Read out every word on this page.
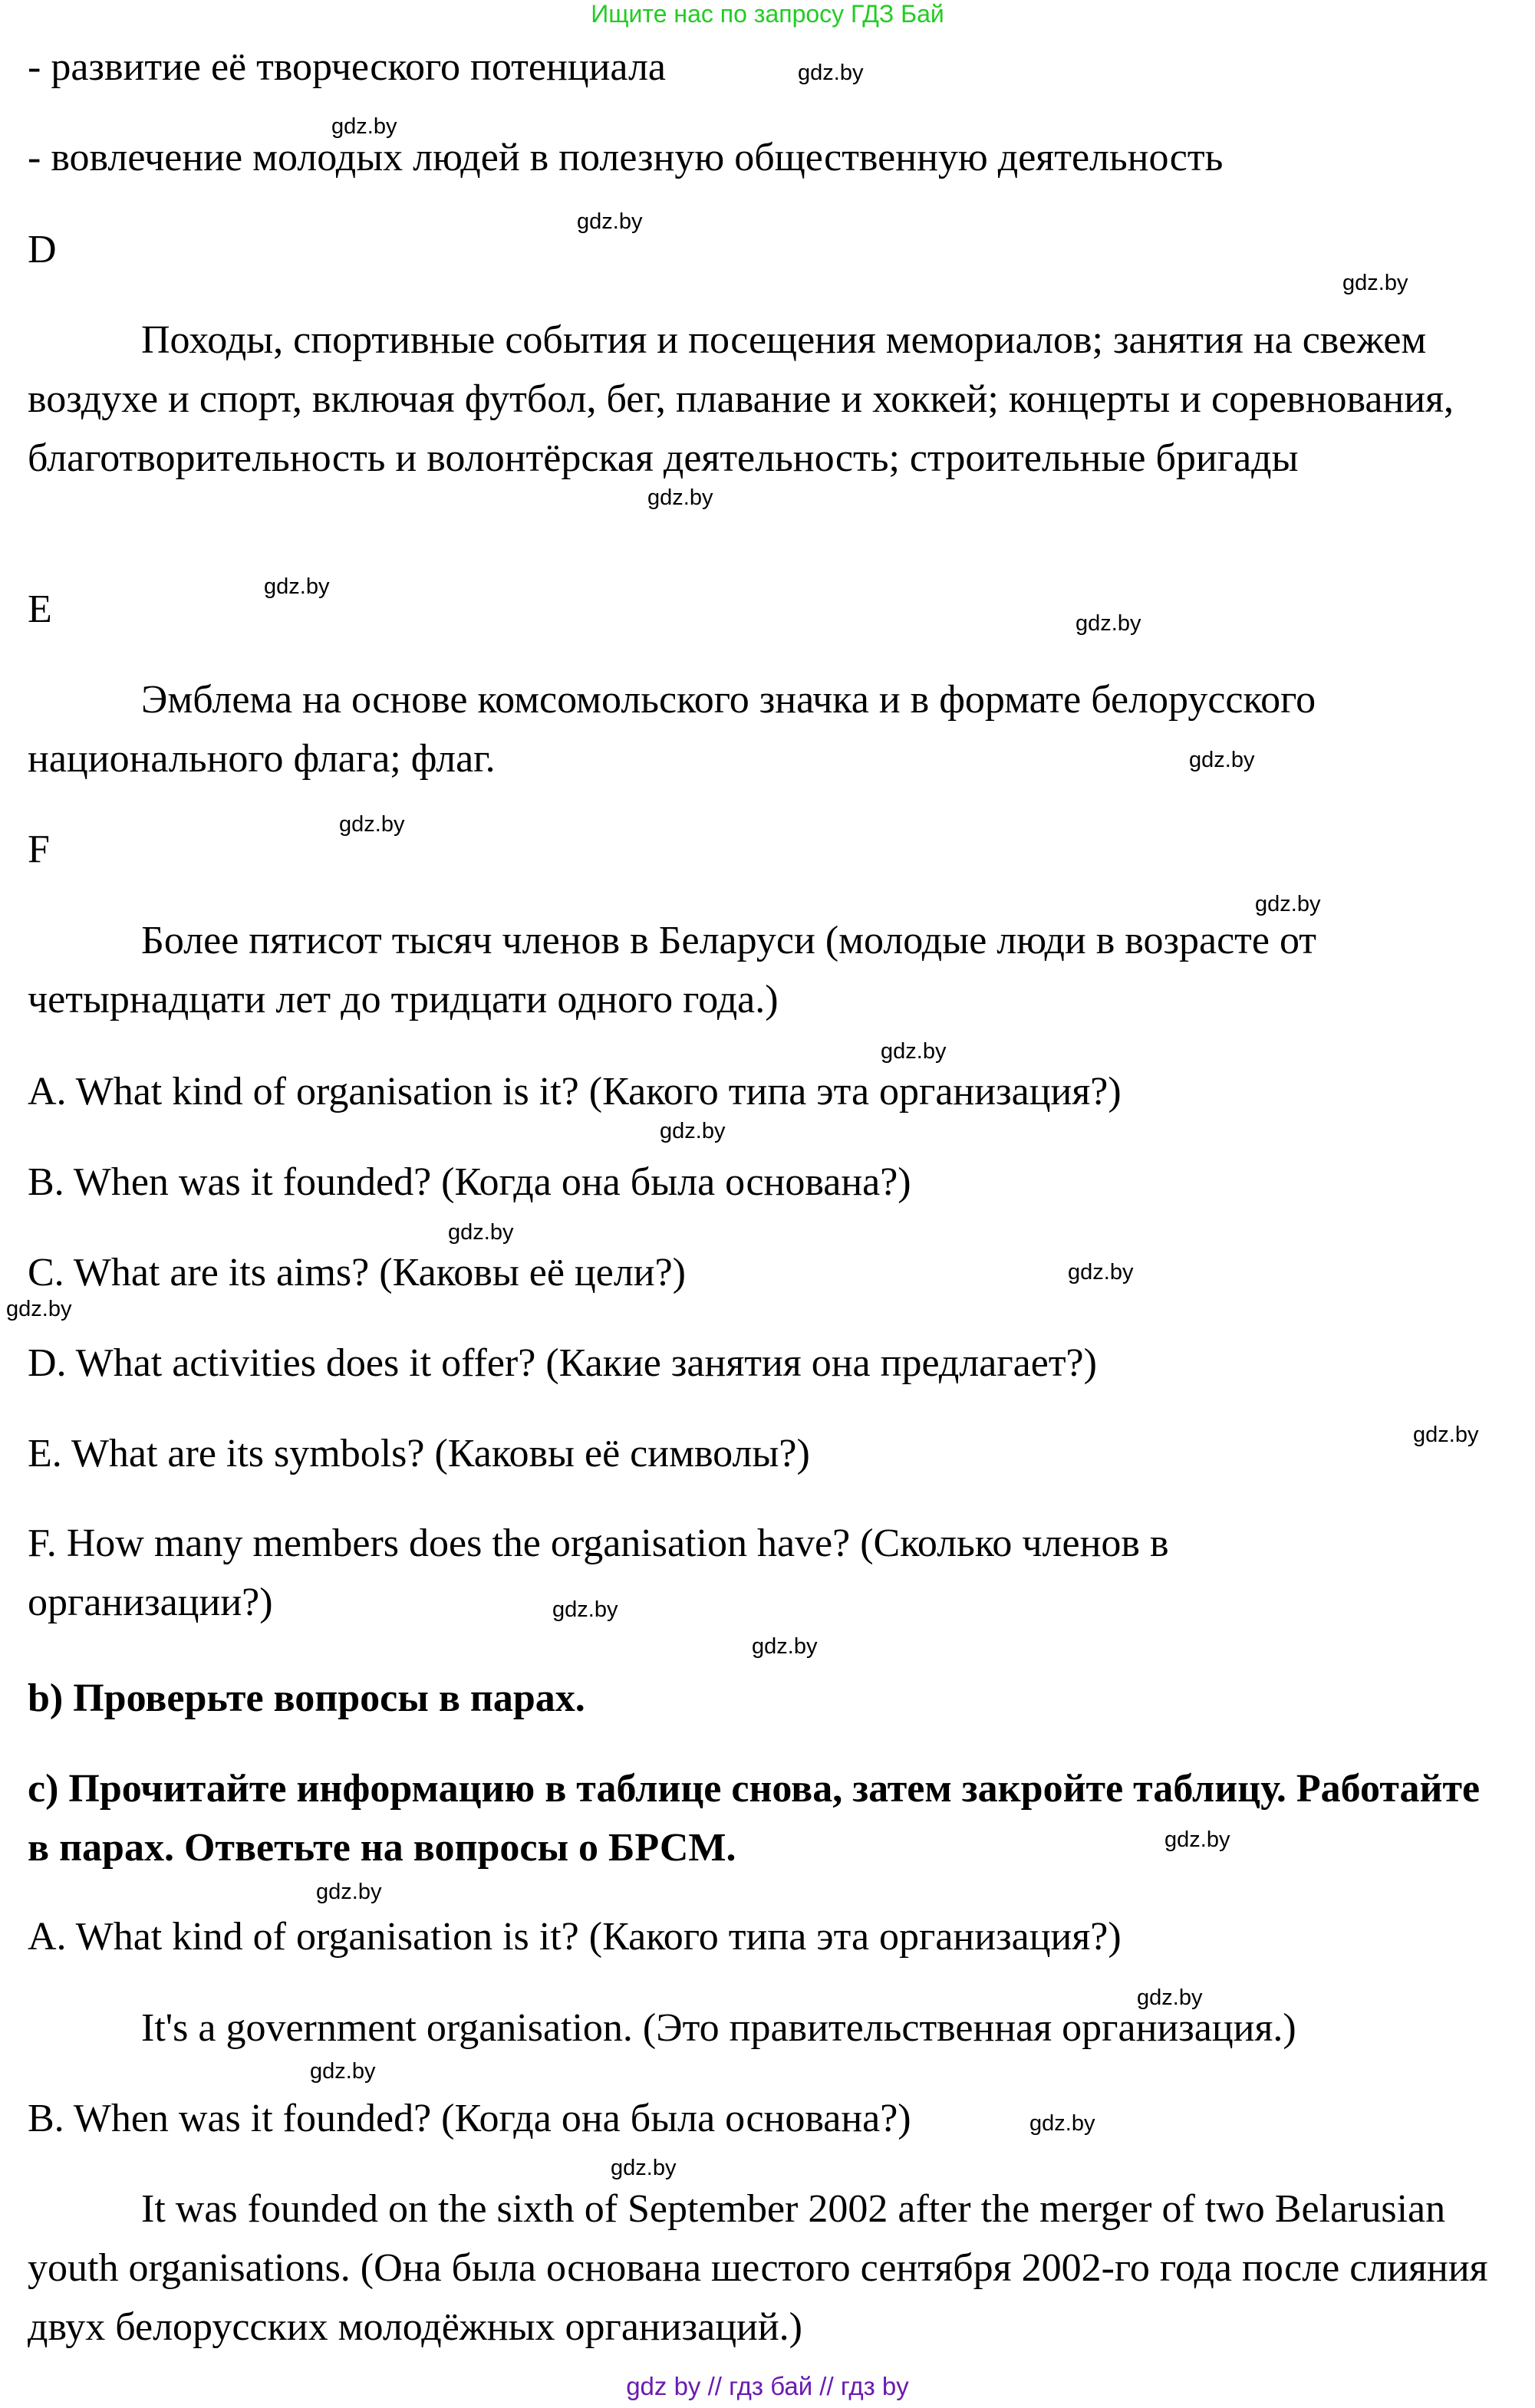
Ищите нас по запросу ГДЗ Бай
- развитие её творческого потенциала
- вовлечение молодых людей в полезную общественную деятельность
D
Походы, спортивные события и посещения мемориалов; занятия на свежем воздухе и спорт, включая футбол, бег, плавание и хоккей; концерты и соревнования, благотворительность и волонтёрская деятельность; строительные бригады
E
Эмблема на основе комсомольского значка и в формате белорусского национального флага; флаг.
F
Более пятисот тысяч членов в Беларуси (молодые люди в возрасте от четырнадцати лет до тридцати одного года.)
A. What kind of organisation is it? (Какого типа эта организация?)
B. When was it founded? (Когда она была основана?)
C. What are its aims? (Каковы её цели?)
D. What activities does it offer? (Какие занятия она предлагает?)
E. What are its symbols? (Каковы её символы?)
F. How many members does the organisation have? (Сколько членов в организации?)
b) Проверьте вопросы в парах.
c) Прочитайте информацию в таблице снова, затем закройте таблицу. Работайте в парах. Ответьте на вопросы о БРСМ.
A. What kind of organisation is it? (Какого типа эта организация?)
It's a government organisation. (Это правительственная организация.)
B. When was it founded? (Когда она была основана?)
It was founded on the sixth of September 2002 after the merger of two Belarusian youth organisations. (Она была основана шестого сентября 2002-го года после слияния двух белорусских молодёжных организаций.)
gdz.by
gdz.by
gdz.by
gdz.by
gdz.by
gdz.by
gdz.by
gdz.by
gdz.by
gdz.by
gdz.by
gdz.by
gdz.by
gdz.by
gdz.by
gdz.by
gdz.by
gdz.by
gdz.by
gdz.by
gdz.by
gdz.by
gdz.by
gdz.by
gdz by // гдз бай // гдз by
